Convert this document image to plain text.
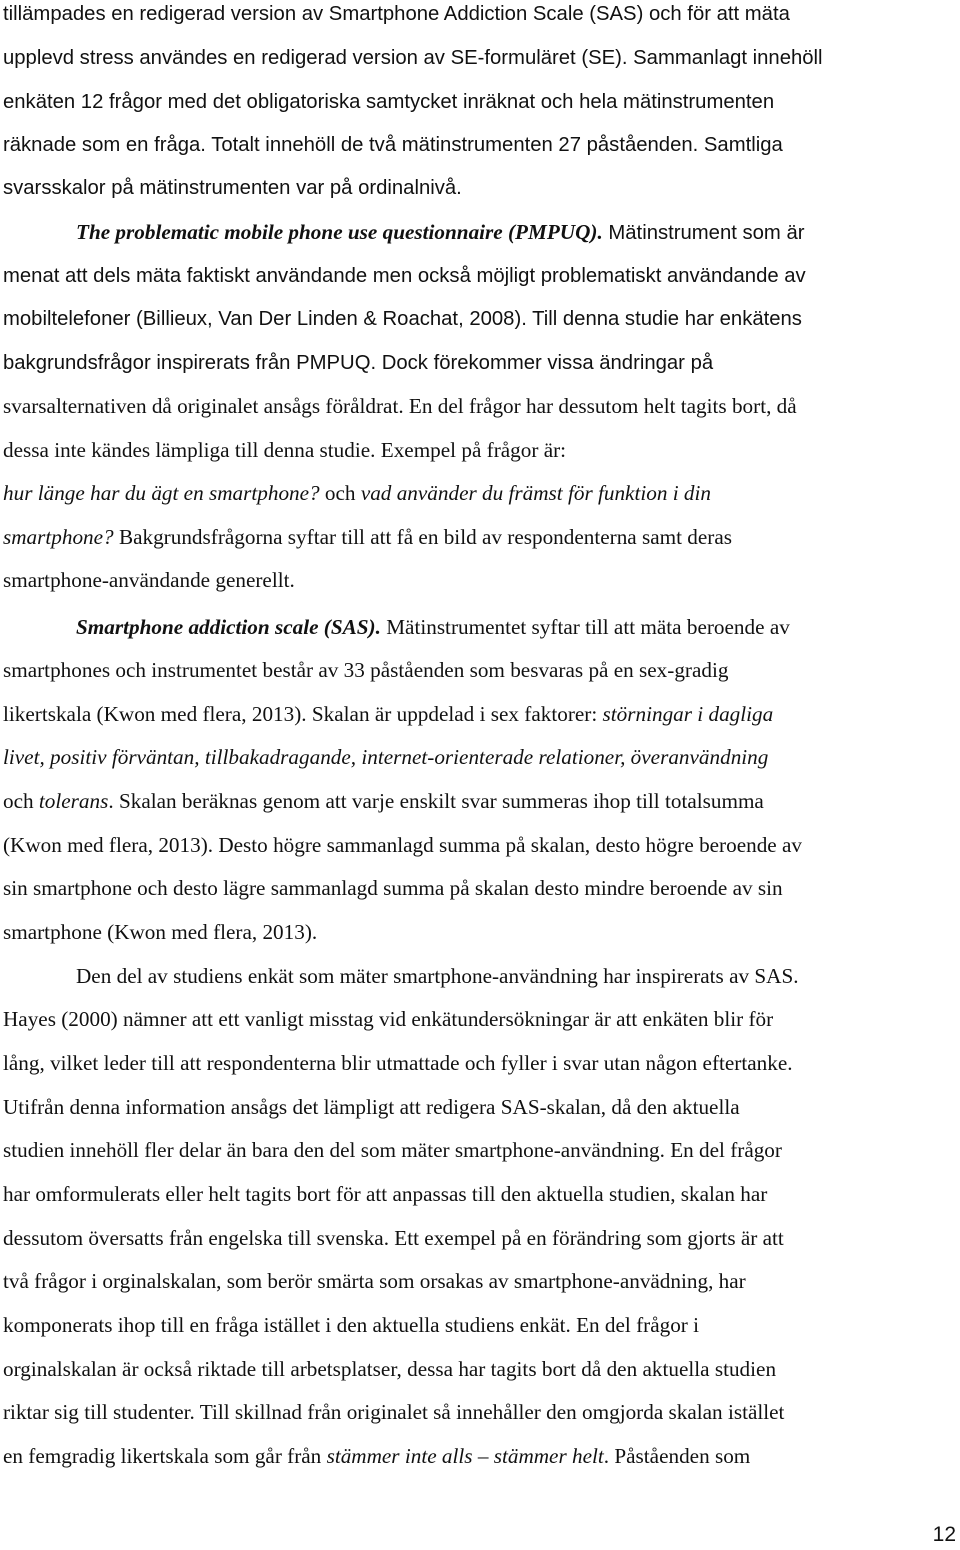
tillämpades en redigerad version av Smartphone Addiction Scale (SAS) och för att mäta
upplevd stress användes en redigerad version av SE-formuläret (SE). Sammanlagt innehöll
enkäten 12 frågor med det obligatoriska samtycket inräknat och hela mätinstrumenten
räknade som en fråga. Totalt innehöll de två mätinstrumenten 27 påståenden. Samtliga
svarsskalor på mätinstrumenten var på ordinalnivå.
The problematic mobile phone use questionnaire (PMPUQ). Mätinstrument som är
menat att dels mäta faktiskt användande men också möjligt problematiskt användande av
mobiltelefoner (Billieux, Van Der Linden & Roachat, 2008). Till denna studie har enkätens
bakgrundsfrågor inspirerats från PMPUQ. Dock förekommer vissa ändringar på
svarsalternativen då originalet ansågs föråldrat. En del frågor har dessutom helt tagits bort, då
dessa inte kändes lämpliga till denna studie. Exempel på frågor är:
hur länge har du ägt en smartphone? och vad använder du främst för funktion i din
smartphone? Bakgrundsfrågorna syftar till att få en bild av respondenterna samt deras
smartphone-användande generellt.
Smartphone addiction scale (SAS). Mätinstrumentet syftar till att mäta beroende av
smartphones och instrumentet består av 33 påståenden som besvaras på en sex-gradig
likertskala (Kwon med flera, 2013). Skalan är uppdelad i sex faktorer: störningar i dagliga
livet, positiv förväntan, tillbakadragande, internet-orienterade relationer, överanvändning
och tolerans. Skalan beräknas genom att varje enskilt svar summeras ihop till totalsumma
(Kwon med flera, 2013). Desto högre sammanlagd summa på skalan, desto högre beroende av
sin smartphone och desto lägre sammanlagd summa på skalan desto mindre beroende av sin
smartphone (Kwon med flera, 2013).
Den del av studiens enkät som mäter smartphone-användning har inspirerats av SAS.
Hayes (2000) nämner att ett vanligt misstag vid enkätundersökningar är att enkäten blir för
lång, vilket leder till att respondenterna blir utmattade och fyller i svar utan någon eftertanke.
Utifrån denna information ansågs det lämpligt att redigera SAS-skalan, då den aktuella
studien innehöll fler delar än bara den del som mäter smartphone-användning. En del frågor
har omformulerats eller helt tagits bort för att anpassas till den aktuella studien, skalan har
dessutom översatts från engelska till svenska. Ett exempel på en förändring som gjorts är att
två frågor i orginalskalan, som berör smärta som orsakas av smartphone-anvädning, har
komponerats ihop till en fråga istället i den aktuella studiens enkät. En del frågor i
orginalskalan är också riktade till arbetsplatser, dessa har tagits bort då den aktuella studien
riktar sig till studenter. Till skillnad från originalet så innehåller den omgjorda skalan istället
en femgradig likertskala som går från stämmer inte alls – stämmer helt. Påståenden som
12
